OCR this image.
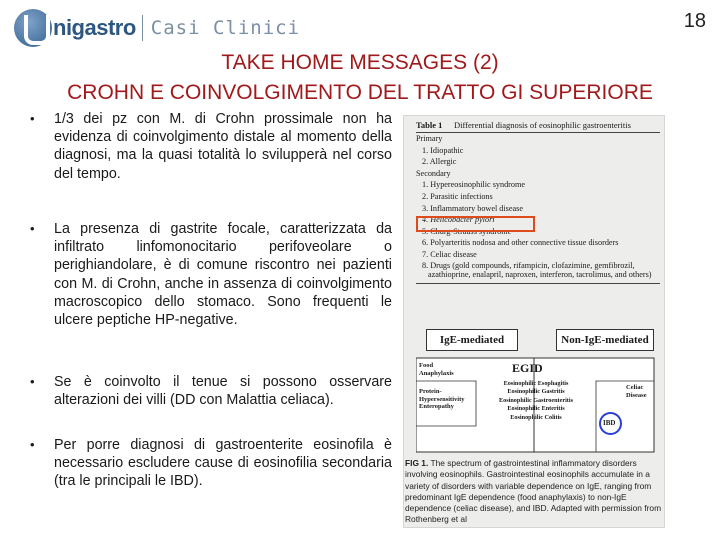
nigastro Casi Clinici	18
TAKE HOME MESSAGES (2)
CROHN E COINVOLGIMENTO DEL TRATTO GI SUPERIORE
• 1/3 dei pz con M. di Crohn prossimale non ha evidenza di coinvolgimento distale al momento della diagnosi, ma la quasi totalità lo svilupperà nel corso del tempo.
• La presenza di gastrite focale, caratterizzata da infiltrato linfomonocitario perifoveolare o perighiandolare, è di comune riscontro nei pazienti con M. di Crohn, anche in assenza di coinvolgimento macroscopico dello stomaco. Sono frequenti le ulcere peptiche HP-negative.
• Se è coinvolto il tenue si possono osservare alterazioni dei villi (DD con Malattia celiaca).
• Per porre diagnosi di gastroenterite eosinofila è necessario escludere cause di eosinofilia secondaria (tra le principali le IBD).
Table 1	Differential diagnosis of eosinophilic gastroenteritis
Primary
1. Idiopathic
2. Allergic
Secondary
1. Hypereosinophilic syndrome
2. Parasitic infections
3. Inflammatory bowel disease
4. Helicobacter pylori
5. Churg-Strauss syndrome
6. Polyarteritis nodosa and other connective tissue disorders
7. Celiac disease
8. Drugs (gold compounds, rifampicin, clofazimine, gemfibrozil, azathioprine, enalapril, naproxen, interferon, tacrolimus, and others)
IgE-mediated	Non-IgE-mediated
Food Anaphylaxis
Protein-Hypersensitivity Enteropathy
Celiac Disease
EGID
Eosinophilic Esophagitis
Eosinophilic Gastritis
Eosinophilic Gastroenteritis
Eosinophilic Enteritis
Eosinophilic Colitis
IBD
FIG 1. The spectrum of gastrointestinal inflammatory disorders involving eosinophils. Gastrointestinal eosinophils accumulate in a variety of disorders with variable dependence on IgE, ranging from predominant IgE dependence (food anaphylaxis) to non-IgE dependence (celiac disease), and IBD. Adapted with permission from Rothenberg et al
